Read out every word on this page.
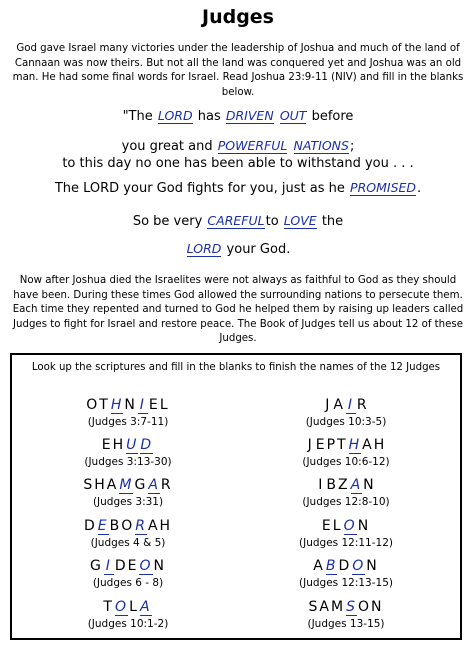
Judges
God gave Israel many victories under the leadership of Joshua and much of the land of Cannaan was now theirs. But not all the land was conquered yet and Joshua was an old man. He had some final words for Israel. Read Joshua 23:9-11 (NIV) and fill in the blanks below.
"The LORD has DRIVEN OUT before
you great and POWERFUL NATIONS;
to this day no one has been able to withstand you . . .
The LORD your God fights for you, just as he PROMISED.
So be very CAREFULto LOVE the
LORD your God.
Now after Joshua died the Israelites were not always as faithful to God as they should have been. During these times God allowed the surrounding nations to persecute them. Each time they repented and turned to God he helped them by raising up leaders called Judges to fight for Israel and restore peace. The Book of Judges tell us about 12 of these Judges.
Look up the scriptures and fill in the blanks to finish the names of the 12 Judges
OTHN I EL
(Judges 3:7-11)
EHU D
(Judges 3:13-30)
SHAMGAR
(Judges 3:31)
DEBORAH
(Judges 4 & 5)
G I DEON
(Judges 6 - 8)
TOLA
(Judges 10:1-2)
J A I R
(Judges 10:3-5)
J EPTHAH
(Judges 10:6-12)
I BZAN
(Judges 12:8-10)
ELON
(Judges 12:11-12)
ABDON
(Judges 12:13-15)
SAMSON
(Judges 13-15)
